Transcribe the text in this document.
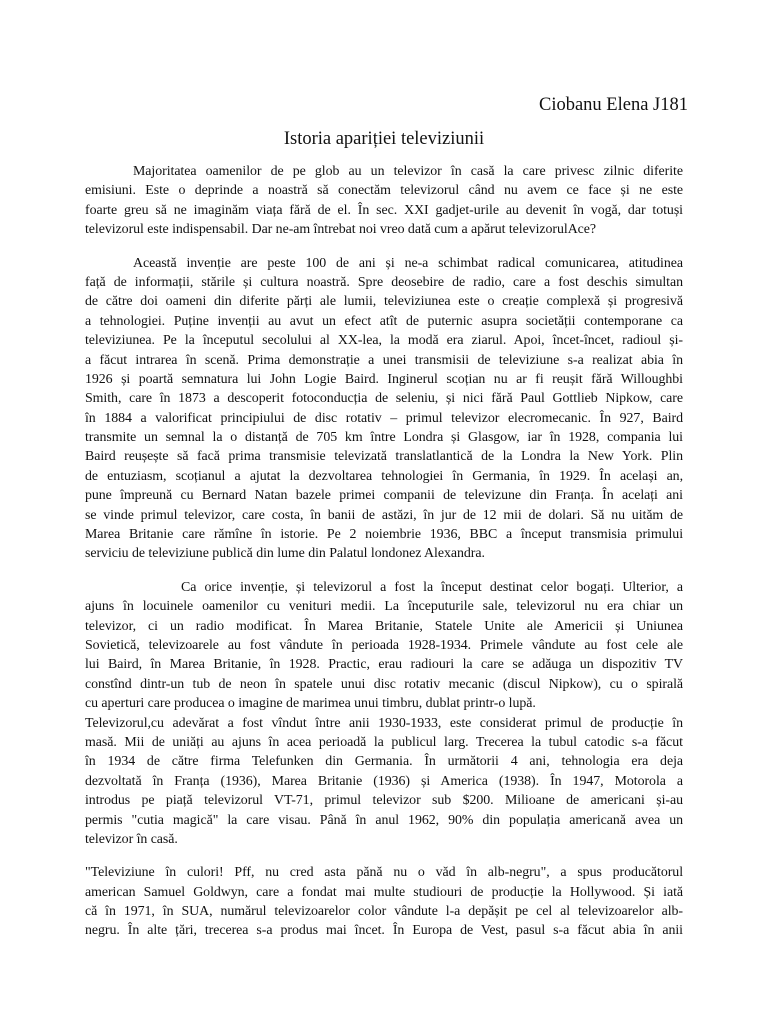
Ciobanu Elena J181

Istoria apariției televiziunii
Majoritatea oamenilor de pe glob au un televizor în casă la care privesc zilnic diferite
emisiuni. Este o deprinde a noastră să conectăm televizorul când nu avem ce face și ne este
foarte greu să ne imaginăm viața fără de el. În sec. XXI gadjet-urile au devenit în vogă, dar totuși
televizorul este indispensabil. Dar ne-am întrebat noi vreo dată cum a apărut televizorulAce?
Această invenție are peste 100 de ani și ne-a schimbat radical comunicarea, atitudinea
față de informații, stările și cultura noastră. Spre deosebire de radio, care a fost deschis simultan
de către doi oameni din diferite părți ale lumii, televiziunea este o creație complexă și progresivă
a tehnologiei. Puține invenții au avut un efect atît de puternic asupra societății contemporane ca
televiziunea. Pe la începutul secolului al XX-lea, la modă era ziarul. Apoi, încet-încet, radioul și-
a făcut intrarea în scenă. Prima demonstrație a unei transmisii de televiziune s-a realizat abia în
1926 și poartă semnatura lui John Logie Baird. Inginerul scoțian nu ar fi reușit fără Willoughbi
Smith, care în 1873 a descoperit fotoconducția de seleniu, și nici fără Paul Gottlieb Nipkow, care
în 1884 a valorificat principiului de disc rotativ – primul televizor elecromecanic. În 927, Baird
transmite un semnal la o distanță de 705 km între Londra și Glasgow, iar în 1928, compania lui
Baird reușește să facă prima transmisie televizată translatlantică de la Londra la New York. Plin
de entuziasm, scoțianul a ajutat la dezvoltarea tehnologiei în Germania, în 1929. În același an,
pune împreună cu Bernard Natan bazele primei companii de televizune din Franța. În acelați ani
se vinde primul televizor, care costa, în banii de astăzi, în jur de 12 mii de dolari. Să nu uităm de
Marea Britanie care rămîne în istorie. Pe 2 noiembrie 1936, BBC a început transmisia primului
serviciu de televiziune publică din lume din Palatul londonez Alexandra.
Ca orice invenție, și televizorul a fost la început destinat celor bogați. Ulterior, a
ajuns în locuinele oamenilor cu venituri medii. La începuturile sale, televizorul nu era chiar un
televizor, ci un radio modificat. În Marea Britanie, Statele Unite ale Americii și Uniunea
Sovietică, televizoarele au fost vândute în perioada 1928-1934. Primele vândute au fost cele ale
lui Baird, în Marea Britanie, în 1928. Practic, erau radiouri la care se adăuga un dispozitiv TV
constînd dintr-un tub de neon în spatele unui disc rotativ mecanic (discul Nipkow), cu o spirală
cu aperturi care producea o imagine de marimea unui timbru, dublat printr-o lupă.
Televizorul,cu adevărat a fost vîndut între anii 1930-1933, este considerat primul de producție în
masă. Mii de uniăți au ajuns în acea perioadă la publicul larg. Trecerea la tubul catodic s-a făcut
în 1934 de către firma Telefunken din Germania. În următorii 4 ani, tehnologia era deja
dezvoltată în Franța (1936), Marea Britanie (1936) și America (1938). În 1947, Motorola a
introdus pe piață televizorul VT-71, primul televizor sub $200. Milioane de americani și-au
permis "cutia magică" la care visau. Până în anul 1962, 90% din populația americană avea un
televizor în casă.
"Televiziune în culori! Pff, nu cred asta pănă nu o văd în alb-negru", a spus producătorul
american Samuel Goldwyn, care a fondat mai multe studiouri de producție la Hollywood. Și iată
că în 1971, în SUA, numărul televizoarelor color vândute l-a depășit pe cel al televizoarelor alb-
negru. În alte țări, trecerea s-a produs mai încet. În Europa de Vest, pasul s-a făcut abia în anii
